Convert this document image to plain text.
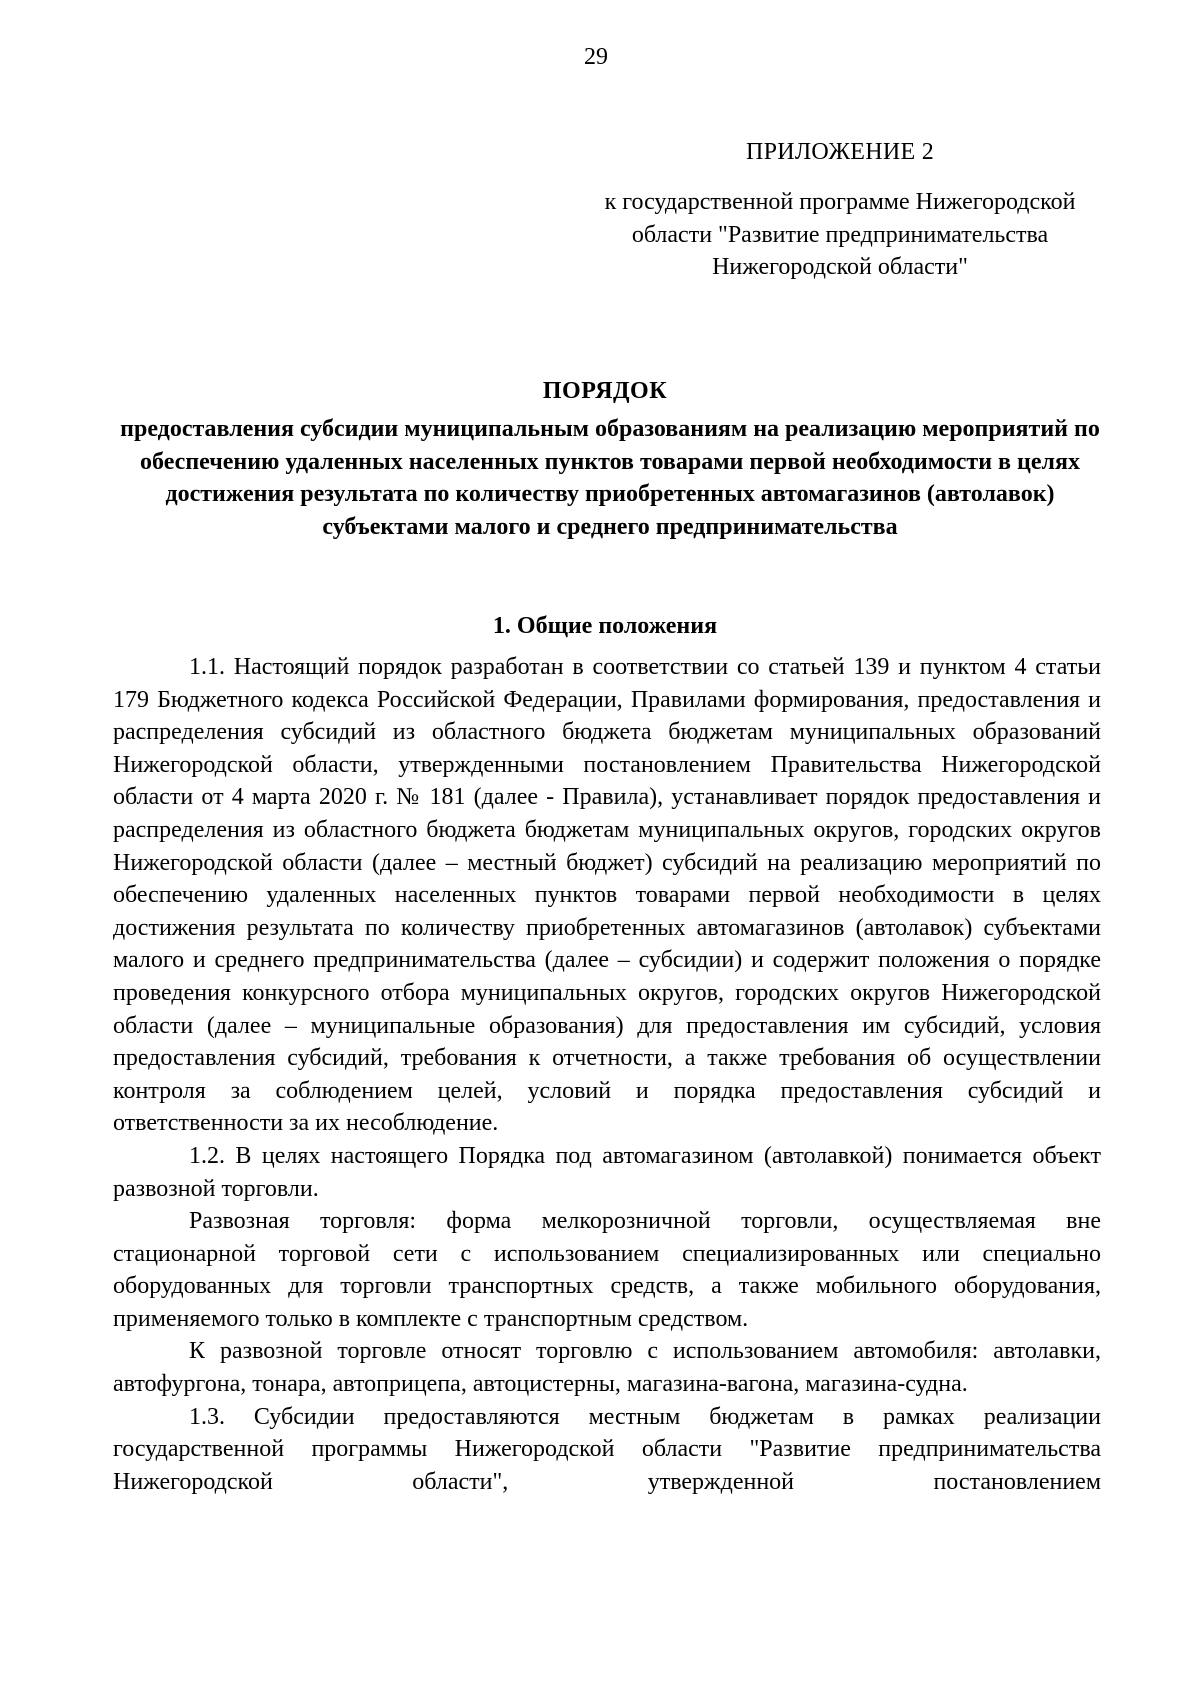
29
ПРИЛОЖЕНИЕ 2
к государственной программе Нижегородской области "Развитие предпринимательства Нижегородской области"
ПОРЯДОК
предоставления субсидии муниципальным образованиям на реализацию мероприятий по обеспечению удаленных населенных пунктов товарами первой необходимости в целях достижения результата по количеству приобретенных автомагазинов (автолавок) субъектами малого и среднего предпринимательства
1. Общие положения

1.1. Настоящий порядок разработан в соответствии со статьей 139 и пунктом 4 статьи 179 Бюджетного кодекса Российской Федерации, Правилами формирования, предоставления и распределения субсидий из областного бюджета бюджетам муниципальных образований Нижегородской области, утвержденными постановлением Правительства Нижегородской области от 4 марта 2020 г. № 181 (далее - Правила), устанавливает порядок предоставления и распределения из областного бюджета бюджетам муниципальных округов, городских округов Нижегородской области (далее – местный бюджет) субсидий на реализацию мероприятий по обеспечению удаленных населенных пунктов товарами первой необходимости в целях достижения результата по количеству приобретенных автомагазинов (автолавок) субъектами малого и среднего предпринимательства (далее – субсидии) и содержит положения о порядке проведения конкурсного отбора муниципальных округов, городских округов Нижегородской области (далее – муниципальные образования) для предоставления им субсидий, условия предоставления субсидий, требования к отчетности, а также требования об осуществлении контроля за соблюдением целей, условий и порядка предоставления субсидий и ответственности за их несоблюдение.

1.2. В целях настоящего Порядка под автомагазином (автолавкой) понимается объект развозной торговли.

Развозная торговля: форма мелкорозничной торговли, осуществляемая вне стационарной торговой сети с использованием специализированных или специально оборудованных для торговли транспортных средств, а также мобильного оборудования, применяемого только в комплекте с транспортным средством.

К развозной торговле относят торговлю с использованием автомобиля: автолавки, автофургона, тонара, автоприцепа, автоцистерны, магазина-вагона, магазина-судна.

1.3. Субсидии предоставляются местным бюджетам в рамках реализации государственной программы Нижегородской области "Развитие предпринимательства Нижегородской области", утвержденной постановлением
